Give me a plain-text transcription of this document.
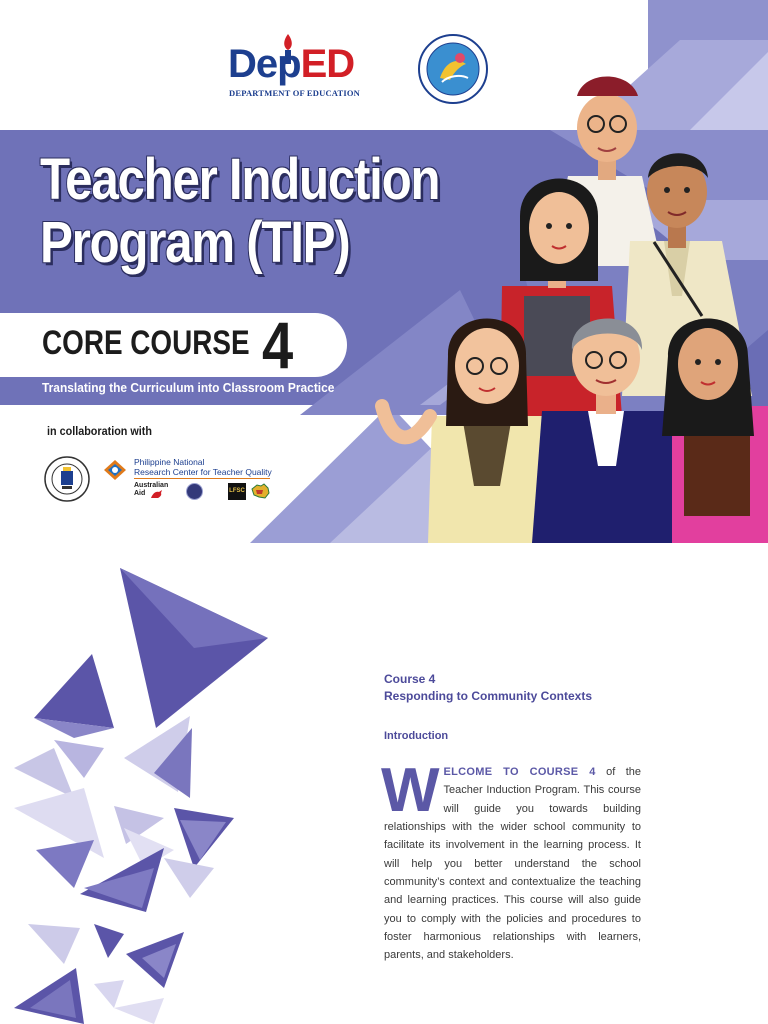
DepED
DEPARTMENT OF EDUCATION
Teacher Induction
Program (TIP)
CORE COURSE 4
Translating the Curriculum into Classroom Practice
in collaboration with
Philippine National
Research Center for Teacher Quality
Australian
Aid	LFSC
Course 4
Responding to Community Contexts
Introduction

WELCOME TO COURSE 4 of the Teacher Induction Program. This course will guide you towards building relationships with the wider school community to facilitate its involvement in the learning process. It will help you better understand the school community’s context and contextualize the teaching and learning practices. This course will also guide you to comply with the policies and procedures to foster harmonious relationships with learners, parents, and stakeholders.
